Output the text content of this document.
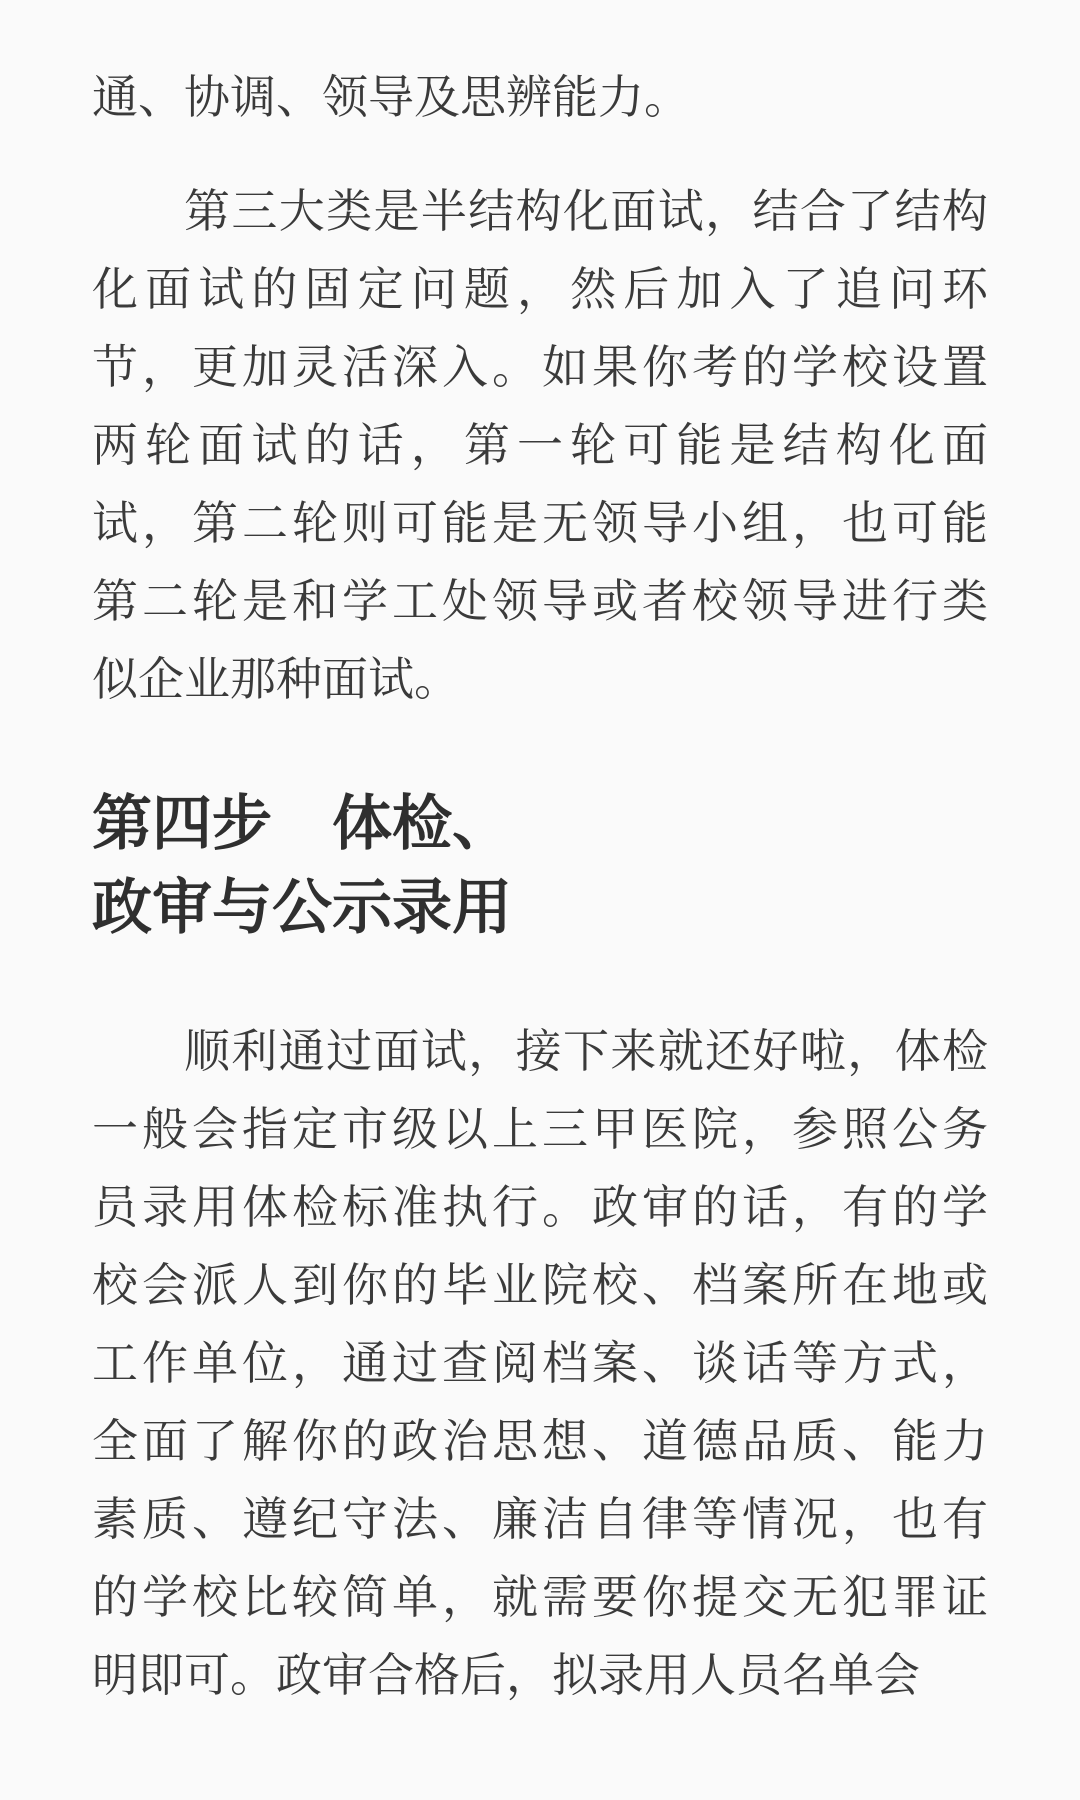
通、协调、领导及思辨能力。
第三大类是半结构化面试，结合了结构
化面试的固定问题，然后加入了追问环
节，更加灵活深入。如果你考的学校设置
两轮面试的话，第一轮可能是结构化面
试，第二轮则可能是无领导小组，也可能
第二轮是和学工处领导或者校领导进行类
似企业那种面试。
第四步　体检、
政审与公示录用
顺利通过面试，接下来就还好啦，体检
一般会指定市级以上三甲医院，参照公务
员录用体检标准执行。政审的话，有的学
校会派人到你的毕业院校、档案所在地或
工作单位，通过查阅档案、谈话等方式，
全面了解你的政治思想、道德品质、能力
素质、遵纪守法、廉洁自律等情况，也有
的学校比较简单，就需要你提交无犯罪证
明即可。政审合格后，拟录用人员名单会
